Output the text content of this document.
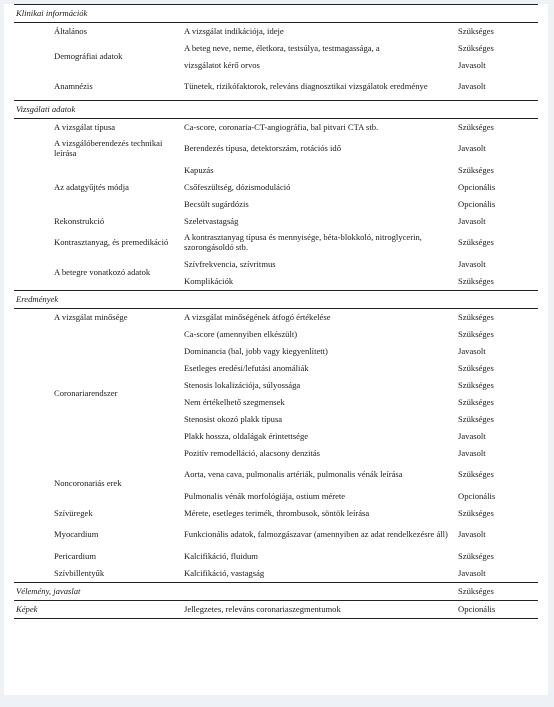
Klinikai információk		
Általános	A vizsgálat indikációja, ideje	Szükséges
Demográfiai adatok	A beteg neve, neme, életkora, testsúlya, testmagassága, a	Szükséges
	vizsgálatot kérő orvos	Javasolt
Anamnézis	Tünetek, rizikófaktorok, releváns diagnosztikai vizsgálatok eredménye	Javasolt
Vizsgálati adatok		
A vizsgálat típusa	Ca-score, coronaria-CT-angiográfia, bal pitvari CTA stb.	Szükséges
A vizsgálóberendezés technikai leírása	Berendezés típusa, detektorszám, rotációs idő	Javasolt
Az adatgyűjtés módja	Kapuzás	Szükséges
	Csőfeszültség, dózismoduláció	Opcionális
	Becsült sugárdózis	Opcionális
Rekonstrukció	Szeletvastagság	Javasolt
Kontrasztanyag, és premedikáció	A kontrasztanyag típusa és mennyisége, béta-blokkoló, nitroglycerin, szorongásoldó stb.	Szükséges
A betegre vonatkozó adatok	Szívfrekvencia, szívritmus	Javasolt
	Komplikációk	Szükséges
Eredmények		
A vizsgálat minősége	A vizsgálat minőségének átfogó értékelése	Szükséges
Coronariarendszer	Ca-score (amennyiben elkészült)	Szükséges
	Dominancia (bal, jobb vagy kiegyenlített)	Javasolt
	Esetleges eredési/lefutási anomáliák	Szükséges
	Stenosis lokalizációja, súlyossága	Szükséges
	Nem értékelhető szegmensek	Szükséges
	Stenosist okozó plakk típusa	Szükséges
	Plakk hossza, oldalágak érintettsége	Javasolt
	Pozitív remodelláció, alacsony denzitás	Javasolt
Noncoronariás erek	Aorta, vena cava, pulmonalis artériák, pulmonalis vénák leírása	Szükséges
	Pulmonalis vénák morfológiája, ostium mérete	Opcionális
Szívüregek	Mérete, esetleges terimék, thrombusok, söntök leírása	Szükséges
Myocardium	Funkcionális adatok, falmozgászavar (amennyiben az adat rendelkezésre áll)	Javasolt
Pericardium	Kalcifikáció, fluidum	Szükséges
Szívbillentyűk	Kalcifikáció, vastagság	Javasolt
Vélemény, javaslat		Szükséges
Képek	Jellegzetes, releváns coronariaszegmentumok	Opcionális
